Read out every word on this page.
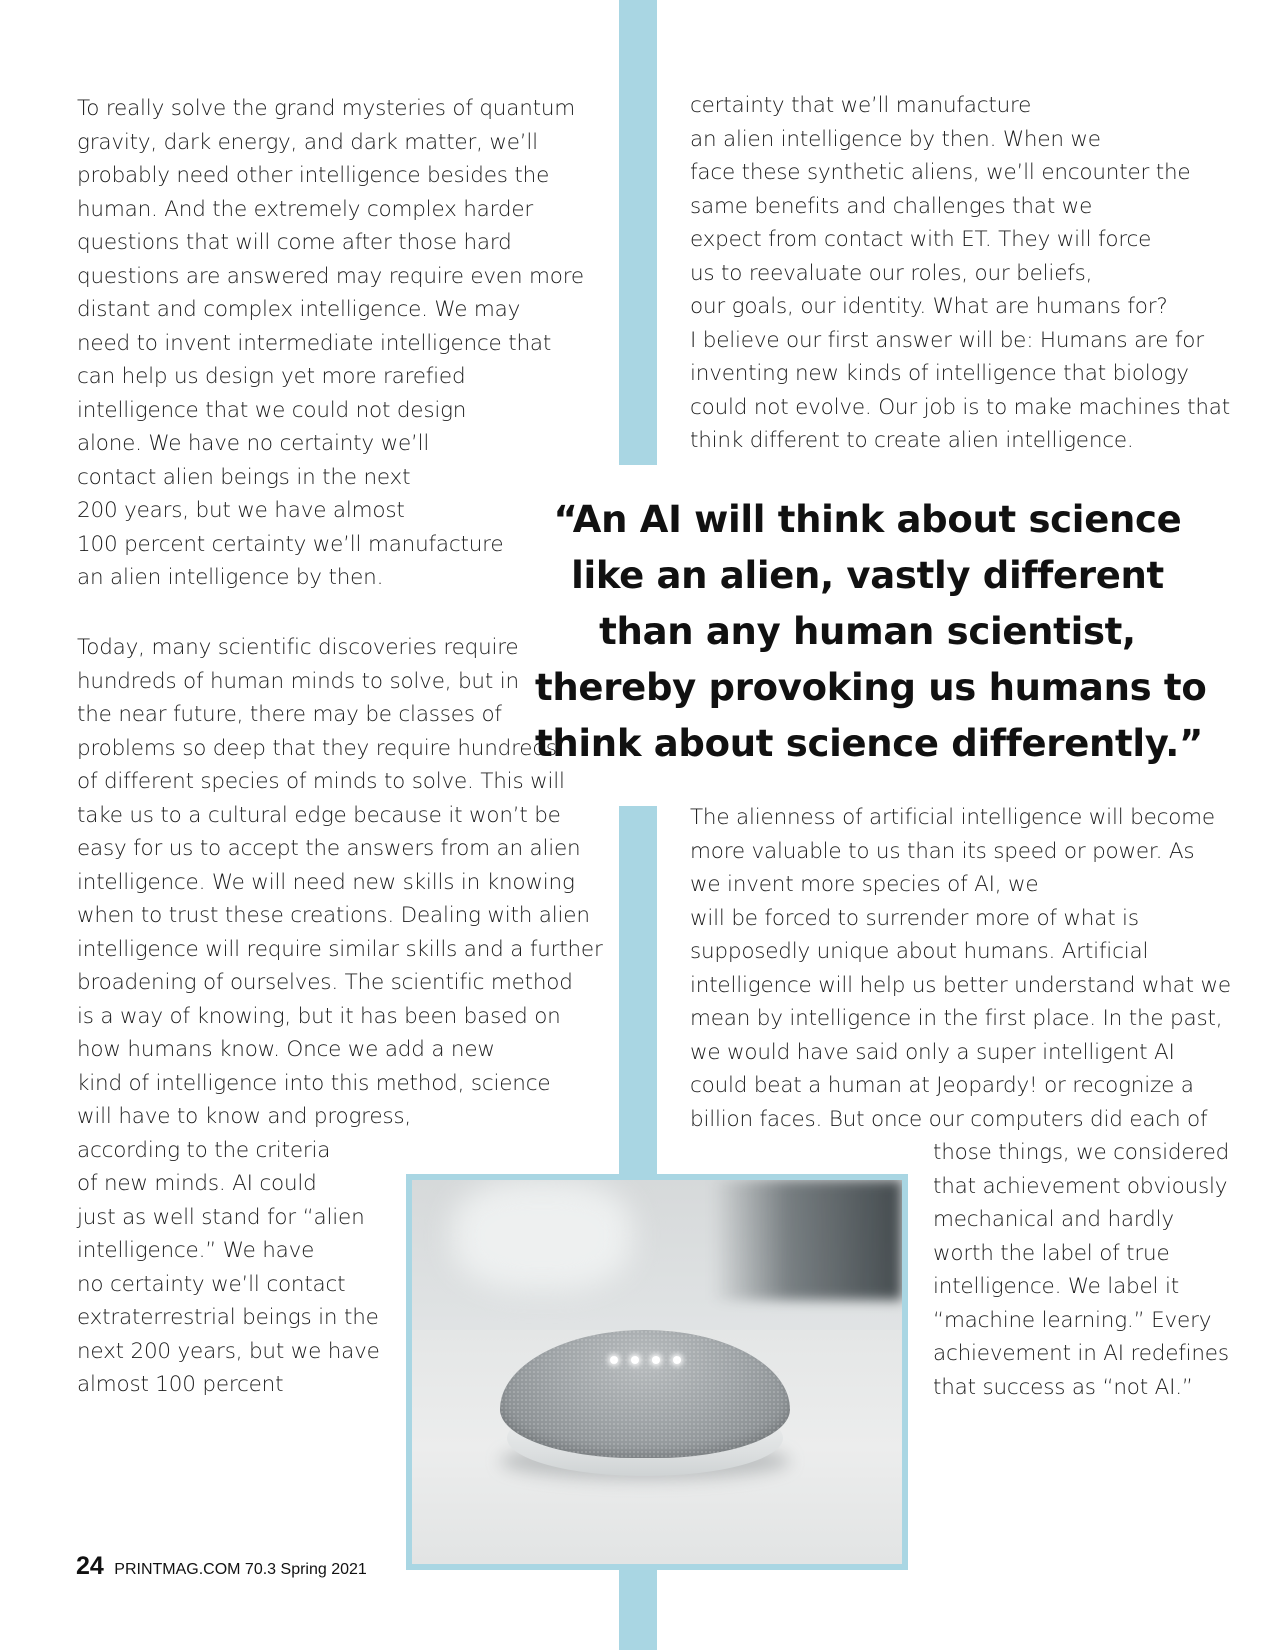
To really solve the grand mysteries of quantum
gravity, dark energy, and dark matter, we’ll
probably need other intelligence besides the
human. And the extremely complex harder
questions that will come after those hard
questions are answered may require even more
distant and complex intelligence. We may
need to invent intermediate intelligence that
can help us design yet more rarefied
intelligence that we could not design
alone. We have no certainty we’ll
contact alien beings in the next
200 years, but we have almost
100 percent certainty we’ll manufacture
an alien intelligence by then.
Today, many scientific discoveries require
hundreds of human minds to solve, but in
the near future, there may be classes of
problems so deep that they require hundreds
of different species of minds to solve. This will
take us to a cultural edge because it won’t be
easy for us to accept the answers from an alien
intelligence. We will need new skills in knowing
when to trust these creations. Dealing with alien
intelligence will require similar skills and a further
broadening of ourselves. The scientific method
is a way of knowing, but it has been based on
how humans know. Once we add a new
kind of intelligence into this method, science
will have to know and progress,
according to the criteria
of new minds. AI could
just as well stand for “alien
intelligence.” We have
no certainty we’ll contact
extraterrestrial beings in the
next 200 years, but we have
almost 100 percent
certainty that we’ll manufacture
an alien intelligence by then. When we
face these synthetic aliens, we’ll encounter the
same benefits and challenges that we
expect from contact with ET. They will force
us to reevaluate our roles, our beliefs,
our goals, our identity. What are humans for?
I believe our first answer will be: Humans are for
inventing new kinds of intelligence that biology
could not evolve. Our job is to make machines that
think different to create alien intelligence.
“An AI will think about science
like an alien, vastly different
than any human scientist,
thereby provoking us humans to
think about science differently.”
The alienness of artificial intelligence will become
more valuable to us than its speed or power. As
we invent more species of AI, we
will be forced to surrender more of what is
supposedly unique about humans. Artificial
intelligence will help us better understand what we
mean by intelligence in the first place. In the past,
we would have said only a super intelligent AI
could beat a human at Jeopardy! or recognize a
billion faces. But once our computers did each of
those things, we considered
that achievement obviously
mechanical and hardly
worth the label of true
intelligence. We label it
“machine learning.” Every
achievement in AI redefines
that success as “not AI.”
24 PRINTMAG.COM 70.3 Spring 2021
